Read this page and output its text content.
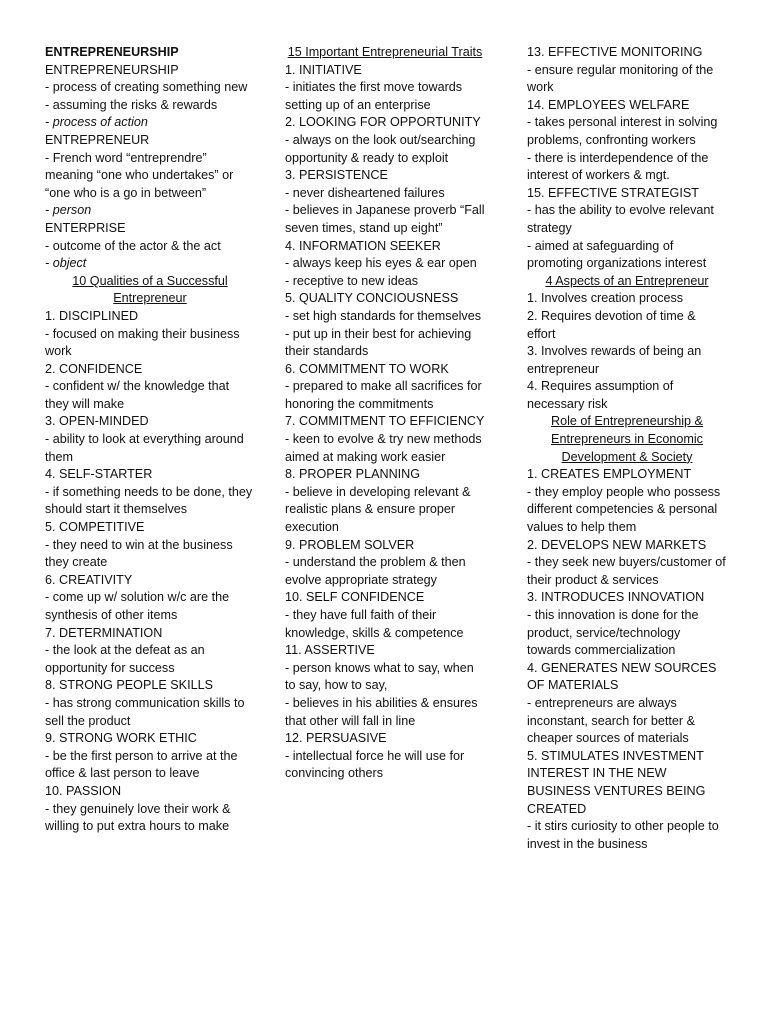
ENTREPRENEURSHIP
ENTREPRENEURSHIP
- process of creating something new
- assuming the risks & rewards
- process of action
ENTREPRENEUR
- French word “entreprendre” meaning “one who undertakes” or “one who is a go in between”
- person
ENTERPRISE
- outcome of the actor & the act
- object
10 Qualities of a Successful Entrepreneur
1. DISCIPLINED
- focused on making their business work
2. CONFIDENCE
- confident w/ the knowledge that they will make
3. OPEN-MINDED
- ability to look at everything around them
4. SELF-STARTER
- if something needs to be done, they should start it themselves
5. COMPETITIVE
- they need to win at the business they create
6. CREATIVITY
- come up w/ solution w/c are the synthesis of other items
7. DETERMINATION
- the look at the defeat as an opportunity for success
8. STRONG PEOPLE SKILLS
- has strong communication skills to sell the product
9. STRONG WORK ETHIC
- be the first person to arrive at the office & last person to leave
10. PASSION
- they genuinely love their work & willing to put extra hours to make
15 Important Entrepreneurial Traits
1. INITIATIVE
- initiates the first move towards setting up of an enterprise
2. LOOKING FOR OPPORTUNITY
- always on the look out/searching opportunity & ready to exploit
3. PERSISTENCE
- never disheartened failures
- believes in Japanese proverb “Fall seven times, stand up eight”
4. INFORMATION SEEKER
- always keep his eyes & ear open
- receptive to new ideas
5. QUALITY CONCIOUSNESS
- set high standards for themselves
- put up in their best for achieving their standards
6. COMMITMENT TO WORK
- prepared to make all sacrifices for honoring the commitments
7. COMMITMENT TO EFFICIENCY
- keen to evolve & try new methods aimed at making work easier
8. PROPER PLANNING
- believe in developing relevant & realistic plans & ensure proper execution
9. PROBLEM SOLVER
- understand the problem & then evolve appropriate strategy
10. SELF CONFIDENCE
- they have full faith of their knowledge, skills & competence
11. ASSERTIVE
- person knows what to say, when to say, how to say,
- believes in his abilities & ensures that other will fall in line
12. PERSUASIVE
- intellectual force he will use for convincing others
13. EFFECTIVE MONITORING
- ensure regular monitoring of the work
14. EMPLOYEES WELFARE
- takes personal interest in solving problems, confronting workers
- there is interdependence of the interest of workers & mgt.
15. EFFECTIVE STRATEGIST
- has the ability to evolve relevant strategy
- aimed at safeguarding of promoting organizations interest
4 Aspects of an Entrepreneur
1. Involves creation process
2. Requires devotion of time & effort
3. Involves rewards of being an entrepreneur
4. Requires assumption of necessary risk
Role of Entrepreneurship & Entrepreneurs in Economic Development & Society
1. CREATES EMPLOYMENT
- they employ people who possess different competencies & personal values to help them
2. DEVELOPS NEW MARKETS
- they seek new buyers/customer of their product & services
3. INTRODUCES INNOVATION
- this innovation is done for the product, service/technology towards commercialization
4. GENERATES NEW SOURCES OF MATERIALS
- entrepreneurs are always inconstant, search for better & cheaper sources of materials
5. STIMULATES INVESTMENT INTEREST IN THE NEW BUSINESS VENTURES BEING CREATED
- it stirs curiosity to other people to invest in the business
